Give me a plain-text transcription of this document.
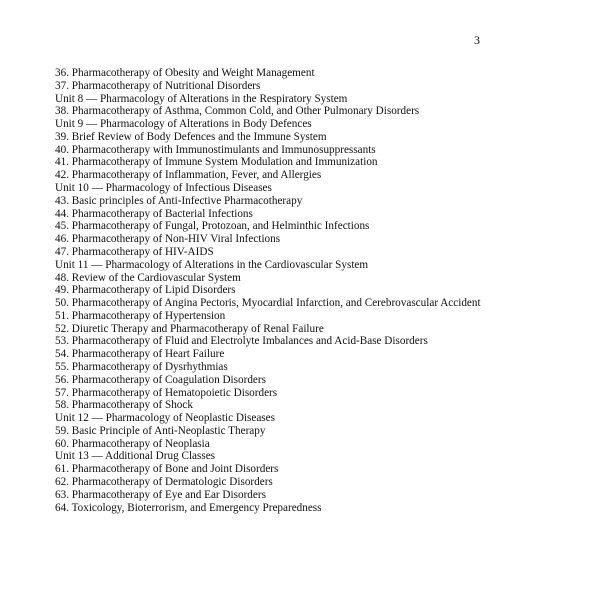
3
36. Pharmacotherapy of Obesity and Weight Management
37. Pharmacotherapy of Nutritional Disorders
Unit 8 — Pharmacology of Alterations in the Respiratory System
38. Pharmacotherapy of Asthma, Common Cold, and Other Pulmonary Disorders
Unit 9 — Pharmacology of Alterations in Body Defences
39. Brief Review of Body Defences and the Immune System
40. Pharmacotherapy with Immunostimulants and Immunosuppressants
41. Pharmacotherapy of Immune System Modulation and Immunization
42. Pharmacotherapy of Inflammation, Fever, and Allergies
Unit 10 — Pharmacology of Infectious Diseases
43. Basic principles of Anti-Infective Pharmacotherapy
44. Pharmacotherapy of Bacterial Infections
45. Pharmacotherapy of Fungal, Protozoan, and Helminthic Infections
46. Pharmacotherapy of Non-HIV Viral Infections
47. Pharmacotherapy of HIV-AIDS
Unit 11 — Pharmacology of Alterations in the Cardiovascular System
48. Review of the Cardiovascular System
49. Pharmacotherapy of Lipid Disorders
50. Pharmacotherapy of Angina Pectoris, Myocardial Infarction, and Cerebrovascular Accident
51. Pharmacotherapy of Hypertension
52. Diuretic Therapy and Pharmacotherapy of Renal Failure
53. Pharmacotherapy of Fluid and Electrolyte Imbalances and Acid-Base Disorders
54. Pharmacotherapy of Heart Failure
55. Pharmacotherapy of Dysrhythmias
56. Pharmacotherapy of Coagulation Disorders
57. Pharmacotherapy of Hematopoietic Disorders
58. Pharmacotherapy of Shock
Unit 12 — Pharmacology of Neoplastic Diseases
59. Basic Principle of Anti-Neoplastic Therapy
60. Pharmacotherapy of Neoplasia
Unit 13 — Additional Drug Classes
61. Pharmacotherapy of Bone and Joint Disorders
62. Pharmacotherapy of Dermatologic Disorders
63. Pharmacotherapy of Eye and Ear Disorders
64. Toxicology, Bioterrorism, and Emergency Preparedness
